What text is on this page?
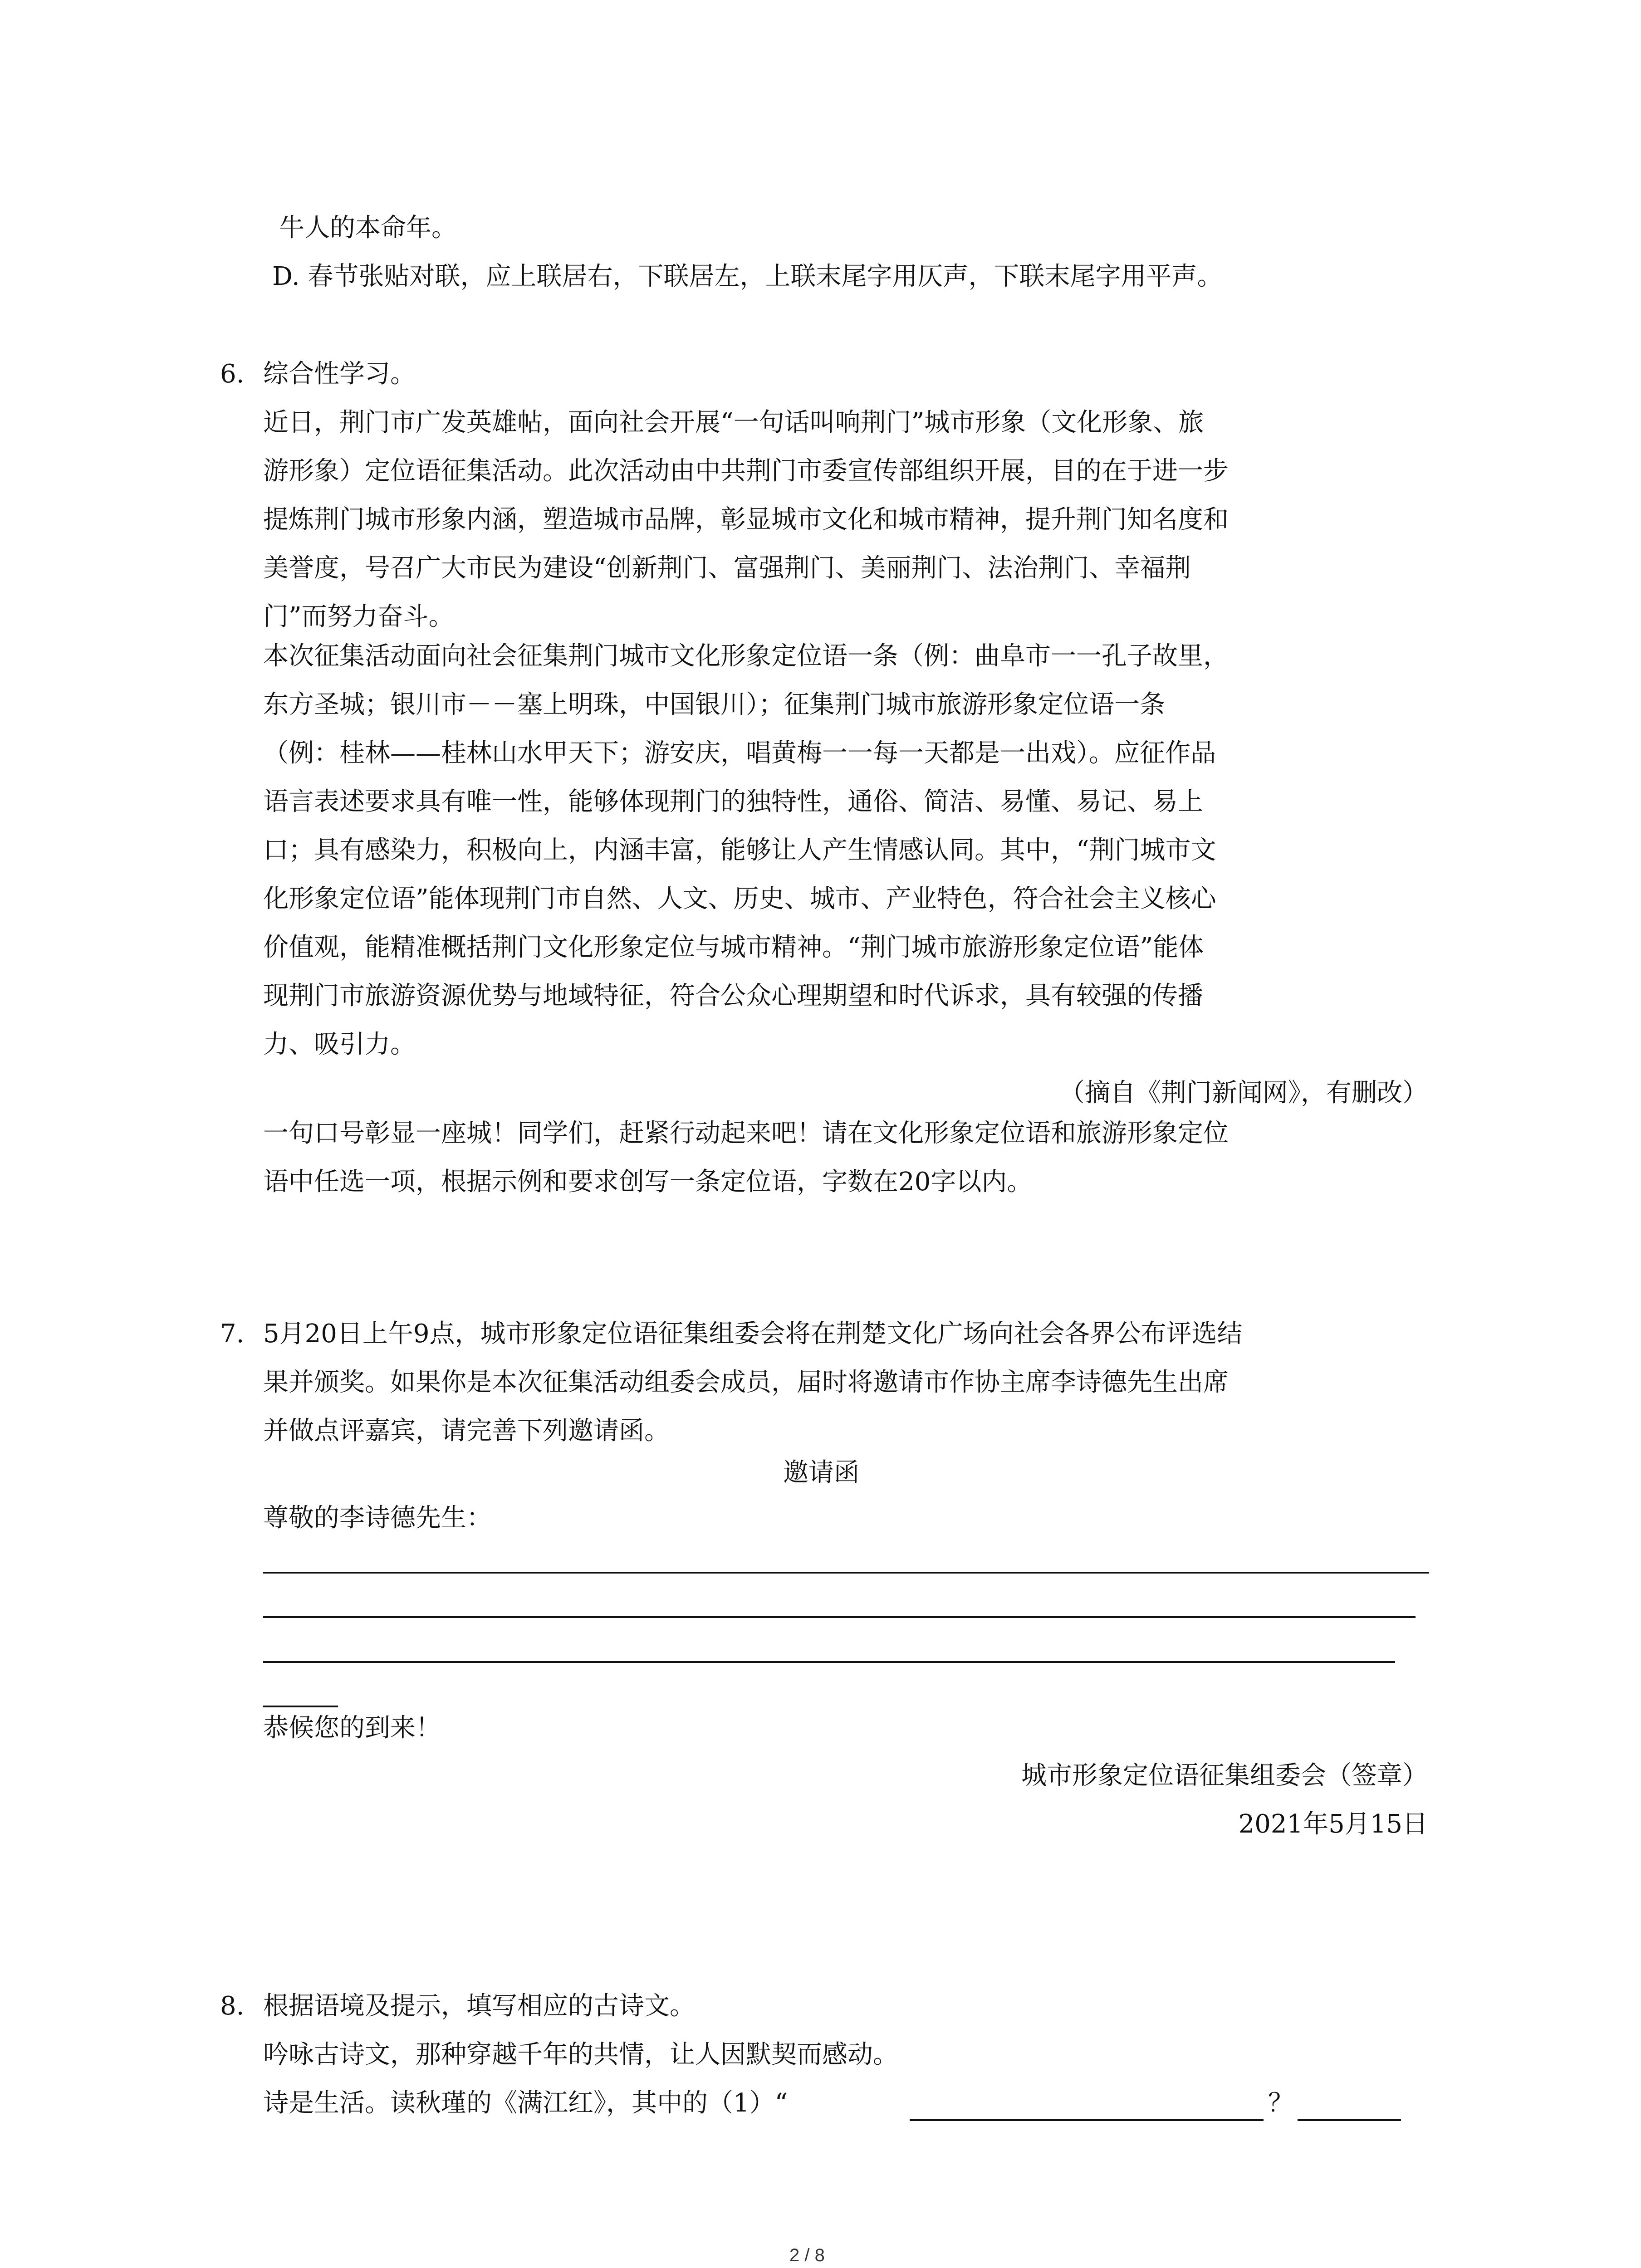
牛人的本命年。
D. 春节张贴对联，应上联居右，下联居左，上联末尾字用仄声，下联末尾字用平声。
6. 综合性学习。
近日，荆门市广发英雄帖，面向社会开展“一句话叫响荆门”城市形象（文化形象、旅
游形象）定位语征集活动。此次活动由中共荆门市委宣传部组织开展，目的在于进一步
提炼荆门城市形象内涵，塑造城市品牌，彰显城市文化和城市精神，提升荆门知名度和
美誉度，号召广大市民为建设“创新荆门、富强荆门、美丽荆门、法治荆门、幸福荆
门”而努力奋斗。
本次征集活动面向社会征集荆门城市文化形象定位语一条（例：曲阜市一一孔子故里，
东方圣城；银川市－－塞上明珠，中国银川）；征集荆门城市旅游形象定位语一条
（例：桂林——桂林山水甲天下；游安庆，唱黄梅一一每一天都是一出戏）。应征作品
语言表述要求具有唯一性，能够体现荆门的独特性，通俗、简洁、易懂、易记、易上
口；具有感染力，积极向上，内涵丰富，能够让人产生情感认同。其中，“荆门城市文
化形象定位语”能体现荆门市自然、人文、历史、城市、产业特色，符合社会主义核心
价值观，能精准概括荆门文化形象定位与城市精神。“荆门城市旅游形象定位语”能体
现荆门市旅游资源优势与地域特征，符合公众心理期望和时代诉求，具有较强的传播
力、吸引力。
（摘自《荆门新闻网》，有删改）
一句口号彰显一座城！同学们，赶紧行动起来吧！请在文化形象定位语和旅游形象定位
语中任选一项，根据示例和要求创写一条定位语，字数在20字以内。
7. 5月20日上午9点，城市形象定位语征集组委会将在荆楚文化广场向社会各界公布评选结
果并颁奖。如果你是本次征集活动组委会成员，届时将邀请市作协主席李诗德先生出席
并做点评嘉宾，请完善下列邀请函。
邀请函
尊敬的李诗德先生：
恭候您的到来！
城市形象定位语征集组委会（签章）
2021年5月15日
8. 根据语境及提示，填写相应的古诗文。
吟咏古诗文，那种穿越千年的共情，让人因默契而感动。
诗是生活。读秋瑾的《满江红》，其中的（1）“	？
2 / 8
